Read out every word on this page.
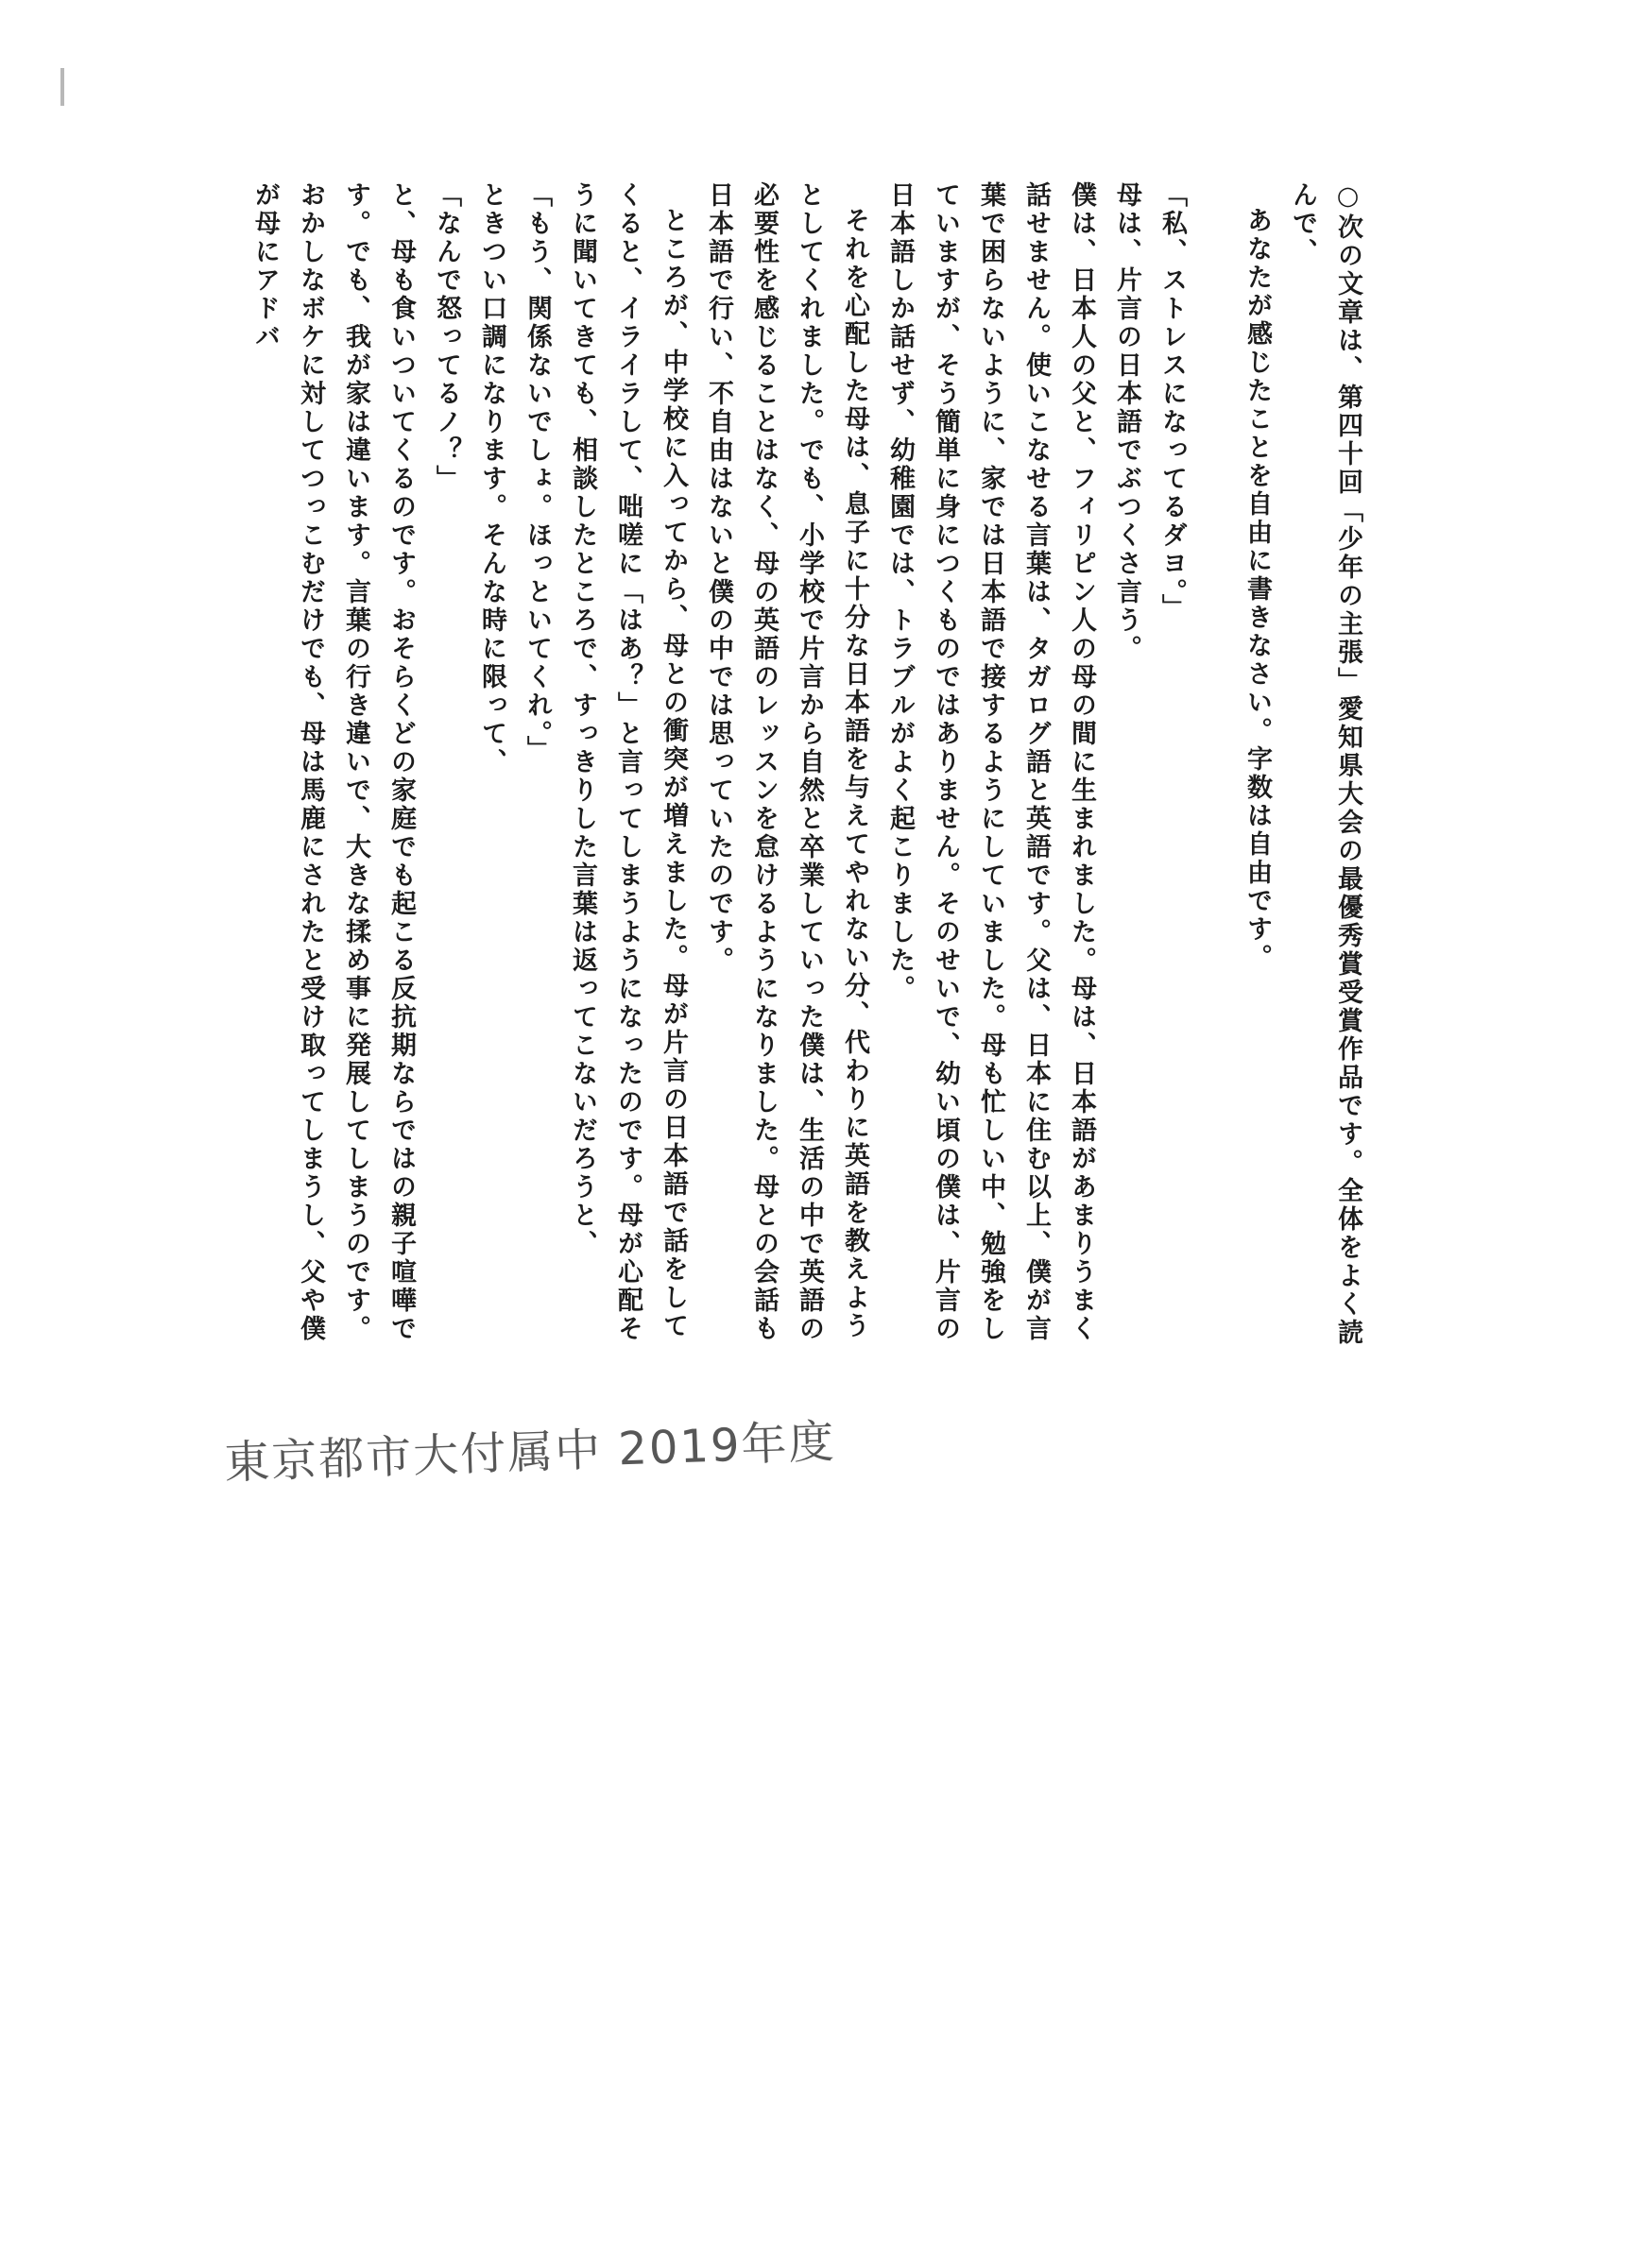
○次の文章は、第四十回「少年の主張」愛知県大会の最優秀賞受賞作品です。全体をよく読んで、
あなたが感じたことを自由に書きなさい。字数は自由です。

「私、ストレスになってるダヨ。」

母は、片言の日本語でぶつくさ言う。

僕は、日本人の父と、フィリピン人の母の間に生まれました。母は、日本語があまりうまく話せません。使いこなせる言葉は、タガログ語と英語です。父は、日本に住む以上、僕が言葉で困らないように、家では日本語で接するようにしていました。母も忙しい中、勉強をしていますが、そう簡単に身につくものではありません。そのせいで、幼い頃の僕は、片言の日本語しか話せず、幼稚園では、トラブルがよく起こりました。

それを心配した母は、息子に十分な日本語を与えてやれない分、代わりに英語を教えようとしてくれました。でも、小学校で片言から自然と卒業していった僕は、生活の中で英語の必要性を感じることはなく、母の英語のレッスンを怠けるようになりました。母との会話も日本語で行い、不自由はないと僕の中では思っていたのです。

ところが、中学校に入ってから、母との衝突が増えました。母が片言の日本語で話をしてくると、イライラして、咄嗟に「はあ？」と言ってしまうようになったのです。母が心配そうに聞いてきても、相談したところで、すっきりした言葉は返ってこないだろうと、

「もう、関係ないでしょ。ほっといてくれ。」

ときつい口調になります。そんな時に限って、

「なんで怒ってるノ？」

と、母も食いついてくるのです。おそらくどの家庭でも起こる反抗期ならではの親子喧嘩です。でも、我が家は違います。言葉の行き違いで、大きな揉め事に発展してしまうのです。おかしなボケに対してつっこむだけでも、母は馬鹿にされたと受け取ってしまうし、父や僕が母にアドバ

東京都市大付属中 2019年度
